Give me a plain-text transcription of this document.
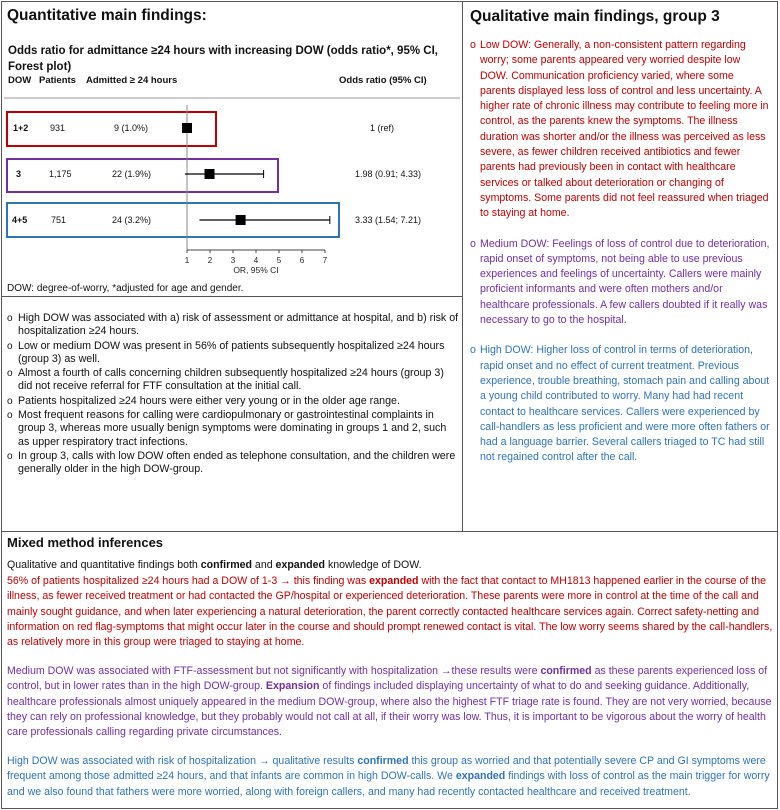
Quantitative main findings:
Odds ratio for admittance ≥24 hours with increasing DOW (odds ratio*, 95% CI, Forest plot)
DOW Patients Admitted ≥ 24 hours	Odds ratio (95% CI)
1+2 931	9 (1.0%)	1 (ref)
3	1,175	22 (1.9%)	1.98 (0.91; 4.33)
4+5	751	24 (3.2%)	3.33 (1.54; 7.21)
1 2 3 4 5 6 7
OR, 95% CI
DOW: degree-of-worry, *adjusted for age and gender.
o High DOW was associated with a) risk of assessment or admittance at hospital, and b) risk of hospitalization ≥24 hours.
o Low or medium DOW was present in 56% of patients subsequently hospitalized ≥24 hours (group 3) as well.
o Almost a fourth of calls concerning children subsequently hospitalized ≥24 hours (group 3) did not receive referral for FTF consultation at the initial call.
o Patients hospitalized ≥24 hours were either very young or in the older age range.
o Most frequent reasons for calling were cardiopulmonary or gastrointestinal complaints in group 3, whereas more usually benign symptoms were dominating in groups 1 and 2, such as upper respiratory tract infections.
o In group 3, calls with low DOW often ended as telephone consultation, and the children were generally older in the high DOW-group.
Qualitative main findings, group 3
o Low DOW: Generally, a non-consistent pattern regarding worry; some parents appeared very worried despite low DOW. Communication proficiency varied, where some parents displayed less loss of control and less uncertainty. A higher rate of chronic illness may contribute to feeling more in control, as the parents knew the symptoms. The illness duration was shorter and/or the illness was perceived as less severe, as fewer children received antibiotics and fewer parents had previously been in contact with healthcare services or talked about deterioration or changing of symptoms. Some parents did not feel reassured when triaged to staying at home.
o Medium DOW: Feelings of loss of control due to deterioration, rapid onset of symptoms, not being able to use previous experiences and feelings of uncertainty. Callers were mainly proficient informants and were often mothers and/or healthcare professionals. A few callers doubted if it really was necessary to go to the hospital.
o High DOW: Higher loss of control in terms of deterioration, rapid onset and no effect of current treatment. Previous experience, trouble breathing, stomach pain and calling about a young child contributed to worry. Many had had recent contact to healthcare services. Callers were experienced by call-handlers as less proficient and were more often fathers or had a language barrier. Several callers triaged to TC had still not regained control after the call.
Mixed method inferences

Qualitative and quantitative findings both confirmed and expanded knowledge of DOW.

56% of patients hospitalized ≥24 hours had a DOW of 1-3 → this finding was expanded with the fact that contact to MH1813 happened earlier in the course of the illness, as fewer received treatment or had contacted the GP/hospital or experienced deterioration. These parents were more in control at the time of the call and mainly sought guidance, and when later experiencing a natural deterioration, the parent correctly contacted healthcare services again. Correct safety-netting and information on red flag-symptoms that might occur later in the course and should prompt renewed contact is vital. The low worry seems shared by the call-handlers, as relatively more in this group were triaged to staying at home.

Medium DOW was associated with FTF-assessment but not significantly with hospitalization →these results were confirmed as these parents experienced loss of control, but in lower rates than in the high DOW-group. Expansion of findings included displaying uncertainty of what to do and seeking guidance. Additionally, healthcare professionals almost uniquely appeared in the medium DOW-group, where also the highest FTF triage rate is found. They are not very worried, because they can rely on professional knowledge, but they probably would not call at all, if their worry was low. Thus, it is important to be vigorous about the worry of health care professionals calling regarding private circumstances.

High DOW was associated with risk of hospitalization → qualitative results confirmed this group as worried and that potentially severe CP and GI symptoms were frequent among those admitted ≥24 hours, and that infants are common in high DOW-calls. We expanded findings with loss of control as the main trigger for worry and we also found that fathers were more worried, along with foreign callers, and many had recently contacted healthcare and received treatment.
